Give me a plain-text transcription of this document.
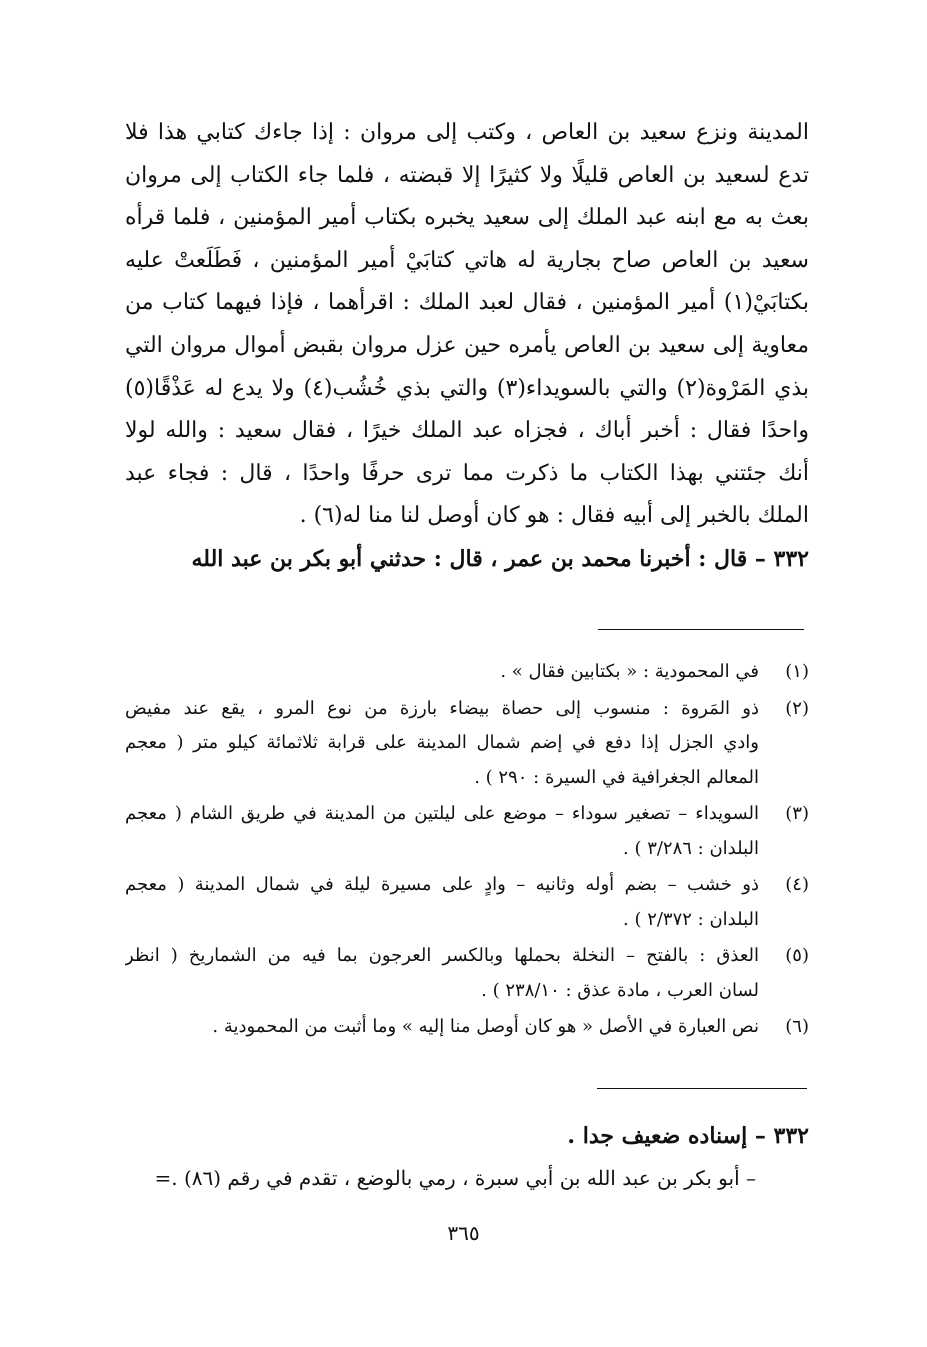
المدينة ونزع سعيد بن العاص ، وكتب إلى مروان : إذا جاءك كتابي هذا فلا
تدع لسعيد بن العاص قليلًا ولا كثيرًا إلا قبضته ، فلما جاء الكتاب إلى مروان
بعث به مع ابنه عبد الملك إلى سعيد يخبره بكتاب أمير المؤمنين ، فلما قرأه
سعيد بن العاص صاح بجارية له هاتي كتابَيْ أمير المؤمنين ، فَطَلَعتْ عليه
بكتابَيْ(١) أمير المؤمنين ، فقال لعبد الملك : اقرأهما ، فإذا فيهما كتاب من
معاوية إلى سعيد بن العاص يأمره حين عزل مروان بقبض أموال مروان التي
بذي المَرْوة(٢) والتي بالسويداء(٣) والتي بذي خُشُب(٤) ولا يدع له عَذْقًا(٥)
واحدًا فقال : أخبر أباك ، فجزاه عبد الملك خيرًا ، فقال سعيد : والله لولا
أنك جئتني بهذا الكتاب ما ذكرت مما ترى حرفًا واحدًا ، قال : فجاء عبد
الملك بالخبر إلى أبيه فقال : هو كان أوصل لنا منا له(٦) .
٣٣٢ – قال : أخبرنا محمد بن عمر ، قال : حدثني أبو بكر بن عبد الله
(١)
في المحمودية : « بكتابين فقال » .
(٢)
ذو المَروة : منسوب إلى حصاة بيضاء بارزة من نوع المرو ، يقع عند مفيض
وادي الجزل إذا دفع في إضم شمال المدينة على قرابة ثلاثمائة كيلو متر ( معجم
المعالم الجغرافية في السيرة : ٢٩٠ ) .
(٣)
السويداء – تصغير سوداء – موضع على ليلتين من المدينة في طريق الشام ( معجم
البلدان : ٣/٢٨٦ ) .
(٤)
ذو خشب – بضم أوله وثانيه – وادٍ على مسيرة ليلة في شمال المدينة ( معجم
البلدان : ٢/٣٧٢ ) .
(٥)
العذق : بالفتح – النخلة بحملها وبالكسر العرجون بما فيه من الشماريخ ( انظر
لسان العرب ، مادة عذق : ٢٣٨/١٠ ) .
(٦)
نص العبارة في الأصل « هو كان أوصل منا إليه » وما أثبت من المحمودية .
٣٣٢ – إسناده ضعيف جدا .
– أبو بكر بن عبد الله بن أبي سبرة ، رمي بالوضع ، تقدم في رقم (٨٦) .=
٣٦٥
